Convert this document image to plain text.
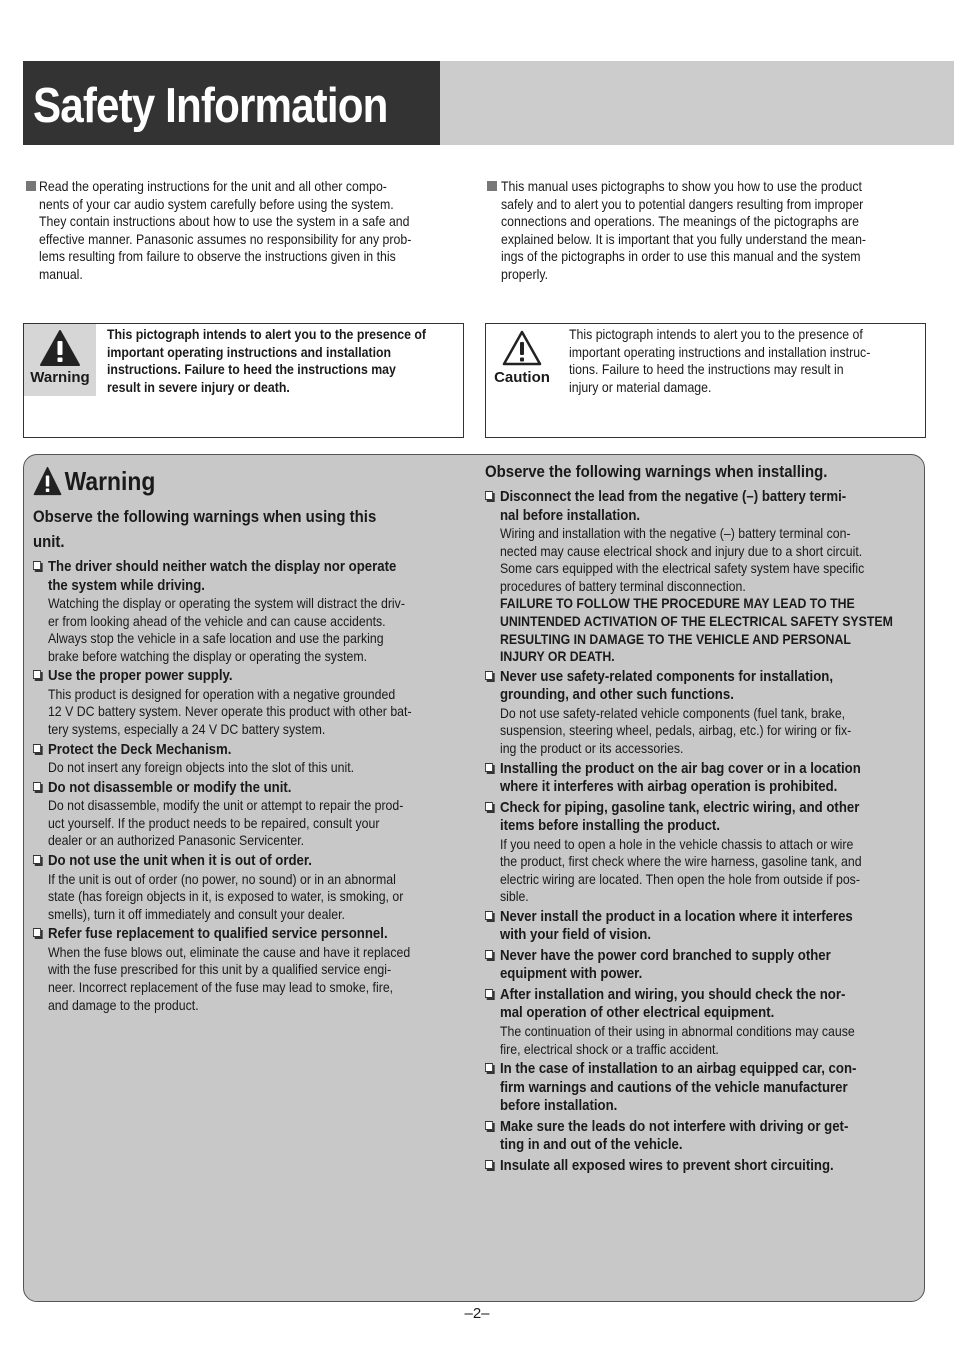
Safety Information
Read the operating instructions for the unit and all other compo-
nents of your car audio system carefully before using the system.
They contain instructions about how to use the system in a safe and
effective manner. Panasonic assumes no responsibility for any prob-
lems resulting from failure to observe the instructions given in this
manual.
This manual uses pictographs to show you how to use the product
safely and to alert you to potential dangers resulting from improper
connections and operations. The meanings of the pictographs are
explained below. It is important that you fully understand the mean-
ings of the pictographs in order to use this manual and the system
properly.
Warning
This pictograph intends to alert you to the presence of
important operating instructions and installation
instructions. Failure to heed the instructions may
result in severe injury or death.
Caution
This pictograph intends to alert you to the presence of
important operating instructions and installation instruc-
tions. Failure to heed the instructions may result in
injury or material damage.
Warning
Observe the following warnings when using this
unit.
The driver should neither watch the display nor operate
the system while driving.
Watching the display or operating the system will distract the driv-
er from looking ahead of the vehicle and can cause accidents.
Always stop the vehicle in a safe location and use the parking
brake before watching the display or operating the system.
Use the proper power supply.
This product is designed for operation with a negative grounded
12 V DC battery system. Never operate this product with other bat-
tery systems, especially a 24 V DC battery system.
Protect the Deck Mechanism.
Do not insert any foreign objects into the slot of this unit.
Do not disassemble or modify the unit.
Do not disassemble, modify the unit or attempt to repair the prod-
uct yourself. If the product needs to be repaired, consult your
dealer or an authorized Panasonic Servicenter.
Do not use the unit when it is out of order.
If the unit is out of order (no power, no sound) or in an abnormal
state (has foreign objects in it, is exposed to water, is smoking, or
smells), turn it off immediately and consult your dealer.
Refer fuse replacement to qualified service personnel.
When the fuse blows out, eliminate the cause and have it replaced
with the fuse prescribed for this unit by a qualified service engi-
neer. Incorrect replacement of the fuse may lead to smoke, fire,
and damage to the product.
Observe the following warnings when installing.
Disconnect the lead from the negative (–) battery termi-
nal before installation.
Wiring and installation with the negative (–) battery terminal con-
nected may cause electrical shock and injury due to a short circuit.
Some cars equipped with the electrical safety system have specific
procedures of battery terminal disconnection.
FAILURE TO FOLLOW THE PROCEDURE MAY LEAD TO THE
UNINTENDED ACTIVATION OF THE ELECTRICAL SAFETY SYSTEM
RESULTING IN DAMAGE TO THE VEHICLE AND PERSONAL
INJURY OR DEATH.
Never use safety-related components for installation,
grounding, and other such functions.
Do not use safety-related vehicle components (fuel tank, brake,
suspension, steering wheel, pedals, airbag, etc.) for wiring or fix-
ing the product or its accessories.
Installing the product on the air bag cover or in a location
where it interferes with airbag operation is prohibited.
Check for piping, gasoline tank, electric wiring, and other
items before installing the product.
If you need to open a hole in the vehicle chassis to attach or wire
the product, first check where the wire harness, gasoline tank, and
electric wiring are located. Then open the hole from outside if pos-
sible.
Never install the product in a location where it interferes
with your field of vision.
Never have the power cord branched to supply other
equipment with power.
After installation and wiring, you should check the nor-
mal operation of other electrical equipment.
The continuation of their using in abnormal conditions may cause
fire, electrical shock or a traffic accident.
In the case of installation to an airbag equipped car, con-
firm warnings and cautions of the vehicle manufacturer
before installation.
Make sure the leads do not interfere with driving or get-
ting in and out of the vehicle.
Insulate all exposed wires to prevent short circuiting.
–2–
